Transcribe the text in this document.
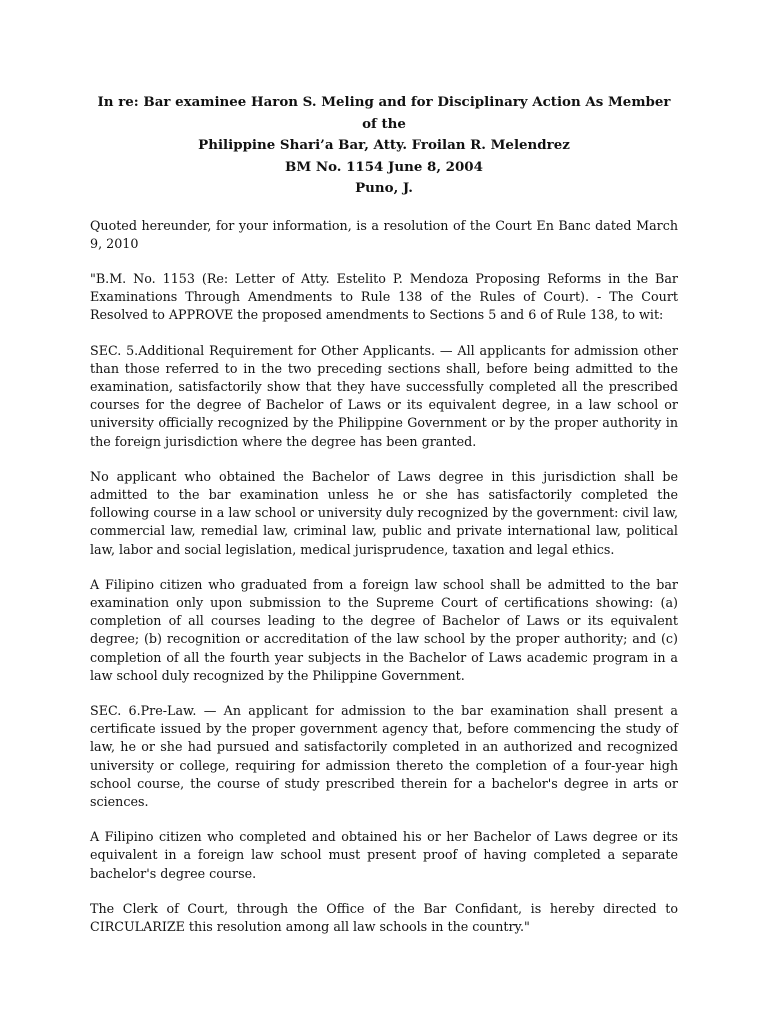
In re: Bar examinee Haron S. Meling and for Disciplinary Action As Member of the
Philippine Shari’a Bar, Atty. Froilan R. Melendrez
BM No. 1154 June 8, 2004
Puno, J.

Quoted hereunder, for your information, is a resolution of the Court En Banc dated March 9, 2010

"B.M. No. 1153 (Re: Letter of Atty. Estelito P. Mendoza Proposing Reforms in the Bar Examinations Through Amendments to Rule 138 of the Rules of Court). - The Court Resolved to APPROVE the proposed amendments to Sections 5 and 6 of Rule 138, to wit:

SEC. 5.Additional Requirement for Other Applicants. — All applicants for admission other than those referred to in the two preceding sections shall, before being admitted to the examination, satisfactorily show that they have successfully completed all the prescribed courses for the degree of Bachelor of Laws or its equivalent degree, in a law school or university officially recognized by the Philippine Government or by the proper authority in the foreign jurisdiction where the degree has been granted.

No applicant who obtained the Bachelor of Laws degree in this jurisdiction shall be admitted to the bar examination unless he or she has satisfactorily completed the following course in a law school or university duly recognized by the government: civil law, commercial law, remedial law, criminal law, public and private international law, political law, labor and social legislation, medical jurisprudence, taxation and legal ethics.

A Filipino citizen who graduated from a foreign law school shall be admitted to the bar examination only upon submission to the Supreme Court of certifications showing: (a) completion of all courses leading to the degree of Bachelor of Laws or its equivalent degree; (b) recognition or accreditation of the law school by the proper authority; and (c) completion of all the fourth year subjects in the Bachelor of Laws academic program in a law school duly recognized by the Philippine Government.

SEC. 6.Pre-Law. — An applicant for admission to the bar examination shall present a certificate issued by the proper government agency that, before commencing the study of law, he or she had pursued and satisfactorily completed in an authorized and recognized university or college, requiring for admission thereto the completion of a four-year high school course, the course of study prescribed therein for a bachelor's degree in arts or sciences.

A Filipino citizen who completed and obtained his or her Bachelor of Laws degree or its equivalent in a foreign law school must present proof of having completed a separate bachelor's degree course.

The Clerk of Court, through the Office of the Bar Confidant, is hereby directed to CIRCULARIZE this resolution among all law schools in the country."
